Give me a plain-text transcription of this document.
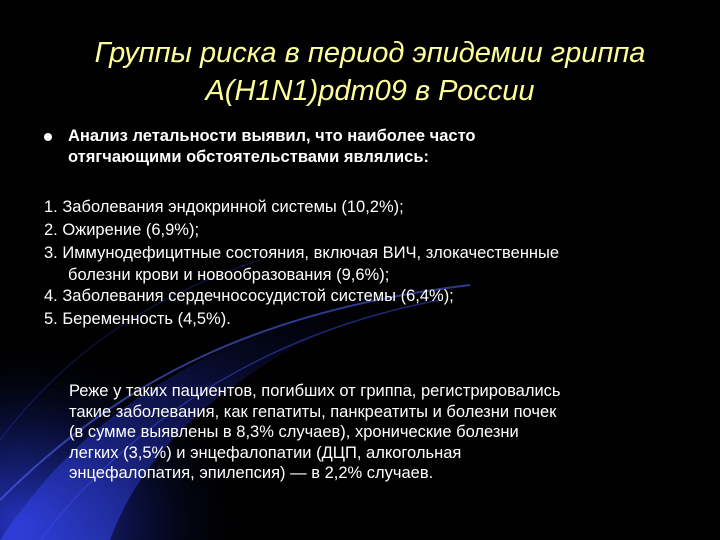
Группы риска в период эпидемии гриппа
A(H1N1)pdm09 в России
Анализ летальности выявил, что наиболее часто
отягчающими обстоятельствами являлись:
1. Заболевания эндокринной системы (10,2%);
2. Ожирение (6,9%);
3. Иммунодефицитные состояния, включая ВИЧ, злокачественные
болезни крови и новообразования (9,6%);
4. Заболевания сердечнососудистой системы (6,4%);
5. Беременность (4,5%).
Реже у таких пациентов, погибших от гриппа, регистрировались
такие заболевания, как гепатиты, панкреатиты и болезни почек
(в сумме выявлены в 8,3% случаев), хронические болезни
легких (3,5%) и энцефалопатии (ДЦП, алкогольная
энцефалопатия, эпилепсия) — в 2,2% случаев.
